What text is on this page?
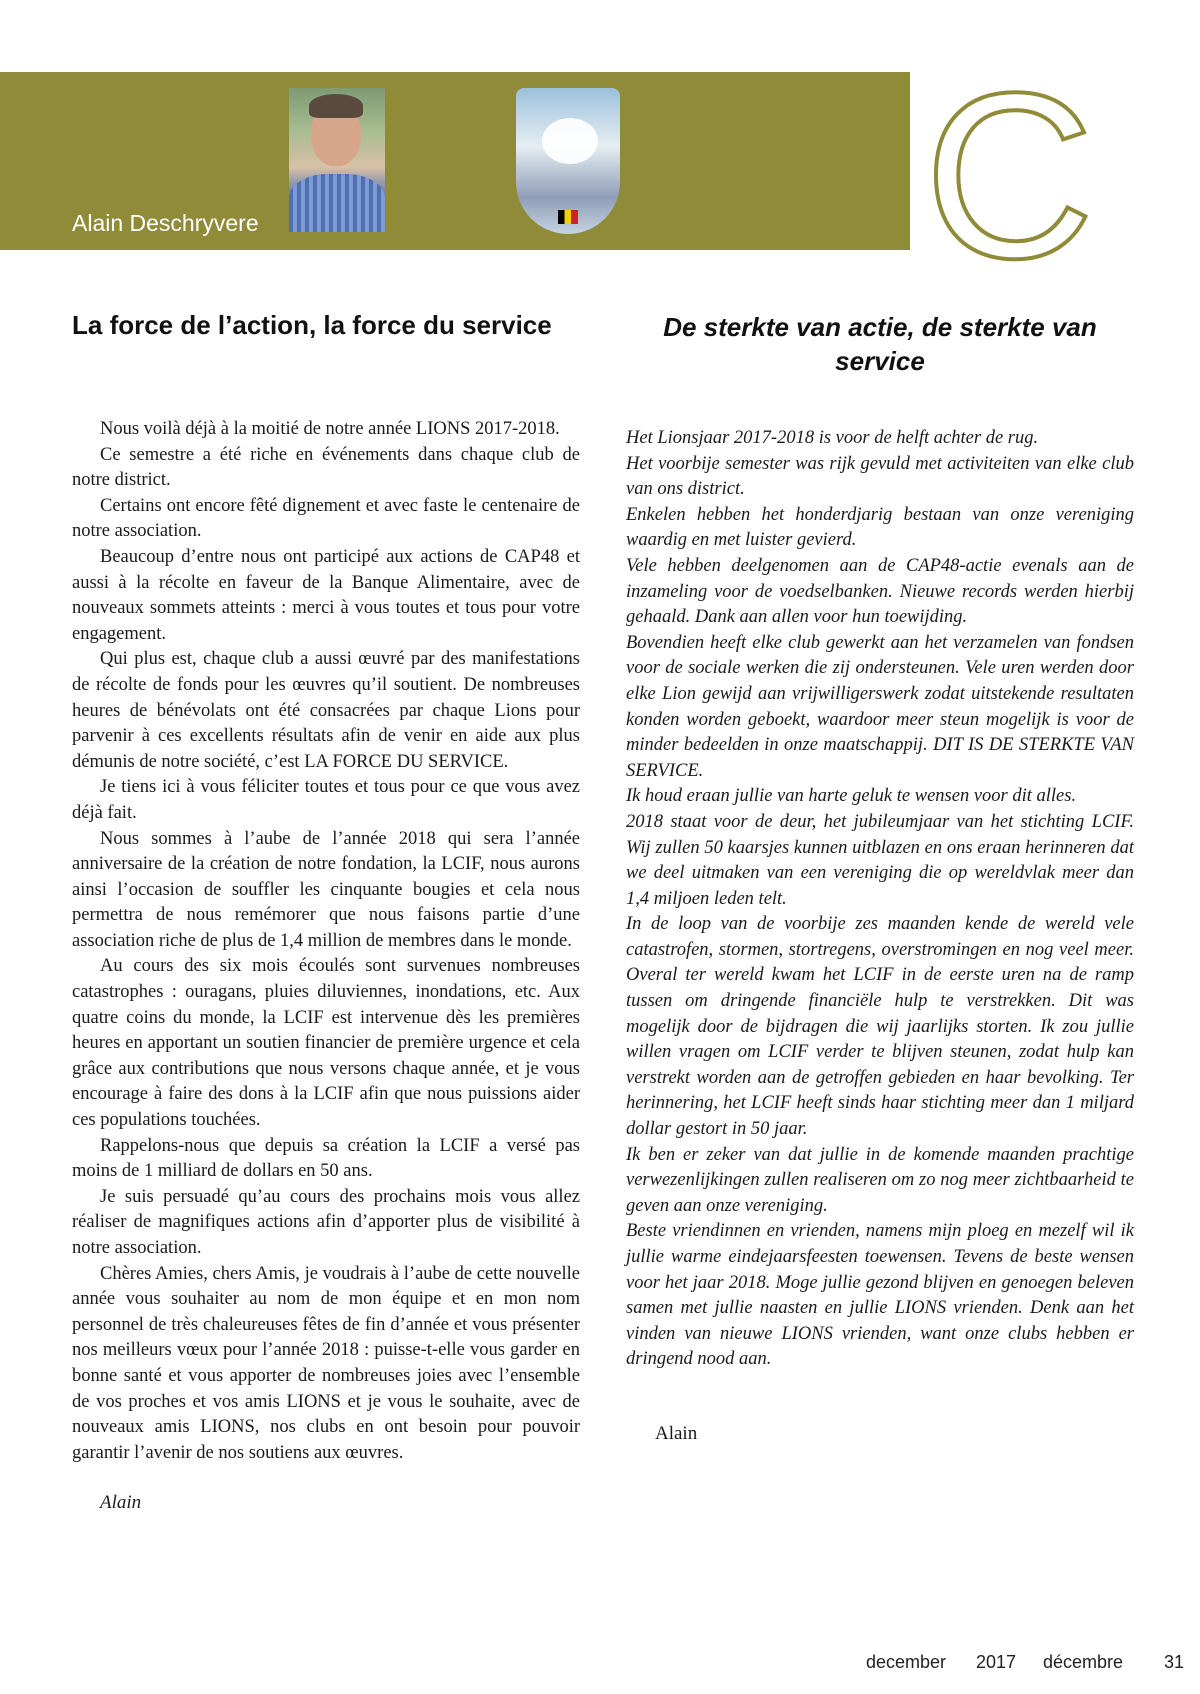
Alain Deschryvere	C
La force de l’action, la force du service	De sterkte van actie, de sterkte van service

Nous voilà déjà à la moitié de notre année LIONS 2017-2018.

Ce semestre a été riche en événements dans chaque club de notre district.

Certains ont encore fêté dignement et avec faste le centenaire de notre association.

Beaucoup d’entre nous ont participé aux actions de CAP48 et aussi à la récolte en faveur de la Banque Alimentaire, avec de nouveaux sommets atteints : merci à vous toutes et tous pour votre engagement.

Qui plus est, chaque club a aussi œuvré par des manifestations de récolte de fonds pour les œuvres qu’il soutient. De nombreuses heures de bénévolats ont été consacrées par chaque Lions pour parvenir à ces excellents résultats afin de venir en aide aux plus démunis de notre société, c’est LA FORCE DU SERVICE.

Je tiens ici à vous féliciter toutes et tous pour ce que vous avez déjà fait.

Nous sommes à l’aube de l’année 2018 qui sera l’année anniversaire de la création de notre fondation, la LCIF, nous aurons ainsi l’occasion de souffler les cinquante bougies et cela nous permettra de nous remémorer que nous faisons partie d’une association riche de plus de 1,4 million de membres dans le monde.

Au cours des six mois écoulés sont survenues nombreuses catastrophes : ouragans, pluies diluviennes, inondations, etc. Aux quatre coins du monde, la LCIF est intervenue dès les premières heures en apportant un soutien financier de première urgence et cela grâce aux contributions que nous versons chaque année, et je vous encourage à faire des dons à la LCIF afin que nous puissions aider ces populations touchées.

Rappelons-nous que depuis sa création la LCIF a versé pas moins de 1 milliard de dollars en 50 ans.

Je suis persuadé qu’au cours des prochains mois vous allez réaliser de magnifiques actions afin d’apporter plus de visibilité à notre association.

Chères Amies, chers Amis, je voudrais à l’aube de cette nouvelle année vous souhaiter au nom de mon équipe et en mon nom personnel de très chaleureuses fêtes de fin d’année et vous présenter nos meilleurs vœux pour l’année 2018 : puisse-t-elle vous garder en bonne santé et vous apporter de nombreuses joies avec l’ensemble de vos proches et vos amis LIONS et je vous le souhaite, avec de nouveaux amis LIONS, nos clubs en ont besoin pour pouvoir garantir l’avenir de nos soutiens aux œuvres.

Alain

Het Lionsjaar 2017-2018 is voor de helft achter de rug.

Het voorbije semester was rijk gevuld met activiteiten van elke club van ons district.

Enkelen hebben het honderdjarig bestaan van onze vereniging waardig en met luister gevierd.

Vele hebben deelgenomen aan de CAP48-actie evenals aan de inzameling voor de voedselbanken. Nieuwe records werden hierbij gehaald. Dank aan allen voor hun toewijding.

Bovendien heeft elke club gewerkt aan het verzamelen van fondsen voor de sociale werken die zij ondersteunen. Vele uren werden door elke Lion gewijd aan vrijwilligerswerk zodat uitstekende resultaten konden worden geboekt, waardoor meer steun mogelijk is voor de minder bedeelden in onze maatschappij. DIT IS DE STERKTE VAN SERVICE.

Ik houd eraan jullie van harte geluk te wensen voor dit alles.

2018 staat voor de deur, het jubileumjaar van het stichting LCIF. Wij zullen 50 kaarsjes kunnen uitblazen en ons eraan herinneren dat we deel uitmaken van een vereniging die op wereldvlak meer dan 1,4 miljoen leden telt.

In de loop van de voorbije zes maanden kende de wereld vele catastrofen, stormen, stortregens, overstromingen en nog veel meer. Overal ter wereld kwam het LCIF in de eerste uren na de ramp tussen om dringende financiële hulp te verstrekken. Dit was mogelijk door de bijdragen die wij jaarlijks storten. Ik zou jullie willen vragen om LCIF verder te blijven steunen, zodat hulp kan verstrekt worden aan de getroffen gebieden en haar bevolking. Ter herinnering, het LCIF heeft sinds haar stichting meer dan 1 miljard dollar gestort in 50 jaar.

Ik ben er zeker van dat jullie in de komende maanden prachtige verwezenlijkingen zullen realiseren om zo nog meer zichtbaarheid te geven aan onze vereniging.

Beste vriendinnen en vrienden, namens mijn ploeg en mezelf wil ik jullie warme eindejaarsfeesten toewensen. Tevens de beste wensen voor het jaar 2018. Moge jullie gezond blijven en genoegen beleven samen met jullie naasten en jullie LIONS vrienden. Denk aan het vinden van nieuwe LIONS vrienden, want onze clubs hebben er dringend nood aan.

Alain
december 2017 décembre 31
